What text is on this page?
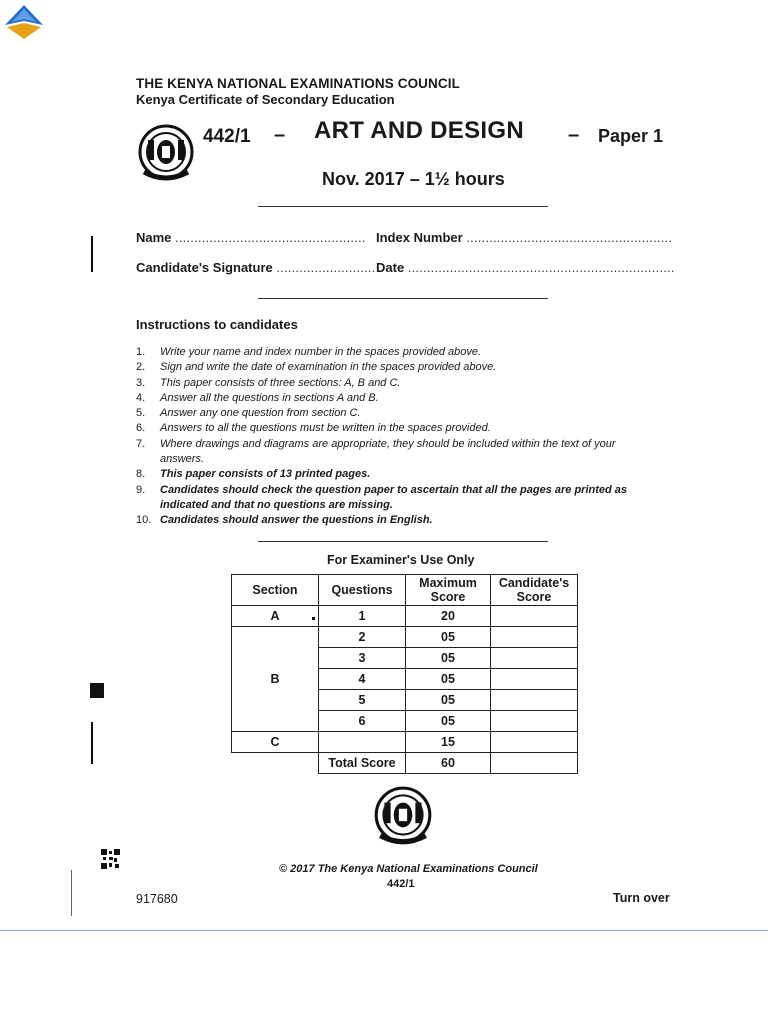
THE KENYA NATIONAL EXAMINATIONS COUNCIL
Kenya Certificate of Secondary Education
442/1 – ART AND DESIGN – Paper 1
Nov. 2017 – 1½ hours
Name .................................................. Index Number ......................................................
Candidate's Signature .......................... Date ......................................................................
Instructions to candidates
1.	Write your name and index number in the spaces provided above.
2.	Sign and write the date of examination in the spaces provided above.
3.	This paper consists of three sections: A, B and C.
4.	Answer all the questions in sections A and B.
5.	Answer any one question from section C.
6.	Answers to all the questions must be written in the spaces provided.
7.	Where drawings and diagrams are appropriate, they should be included within the text of your answers.
8.	This paper consists of 13 printed pages.
9.	Candidates should check the question paper to ascertain that all the pages are printed as indicated and that no questions are missing.
10. Candidates should answer the questions in English.
For Examiner's Use Only
Section	Questions	Maximum Score	Candidate's Score
A	1	20	
B	2	05	
	3	05	
	4	05	
	5	05	
	6	05	
C		15	
	Total Score	60	
© 2017 The Kenya National Examinations Council
442/1
917680	Turn over
